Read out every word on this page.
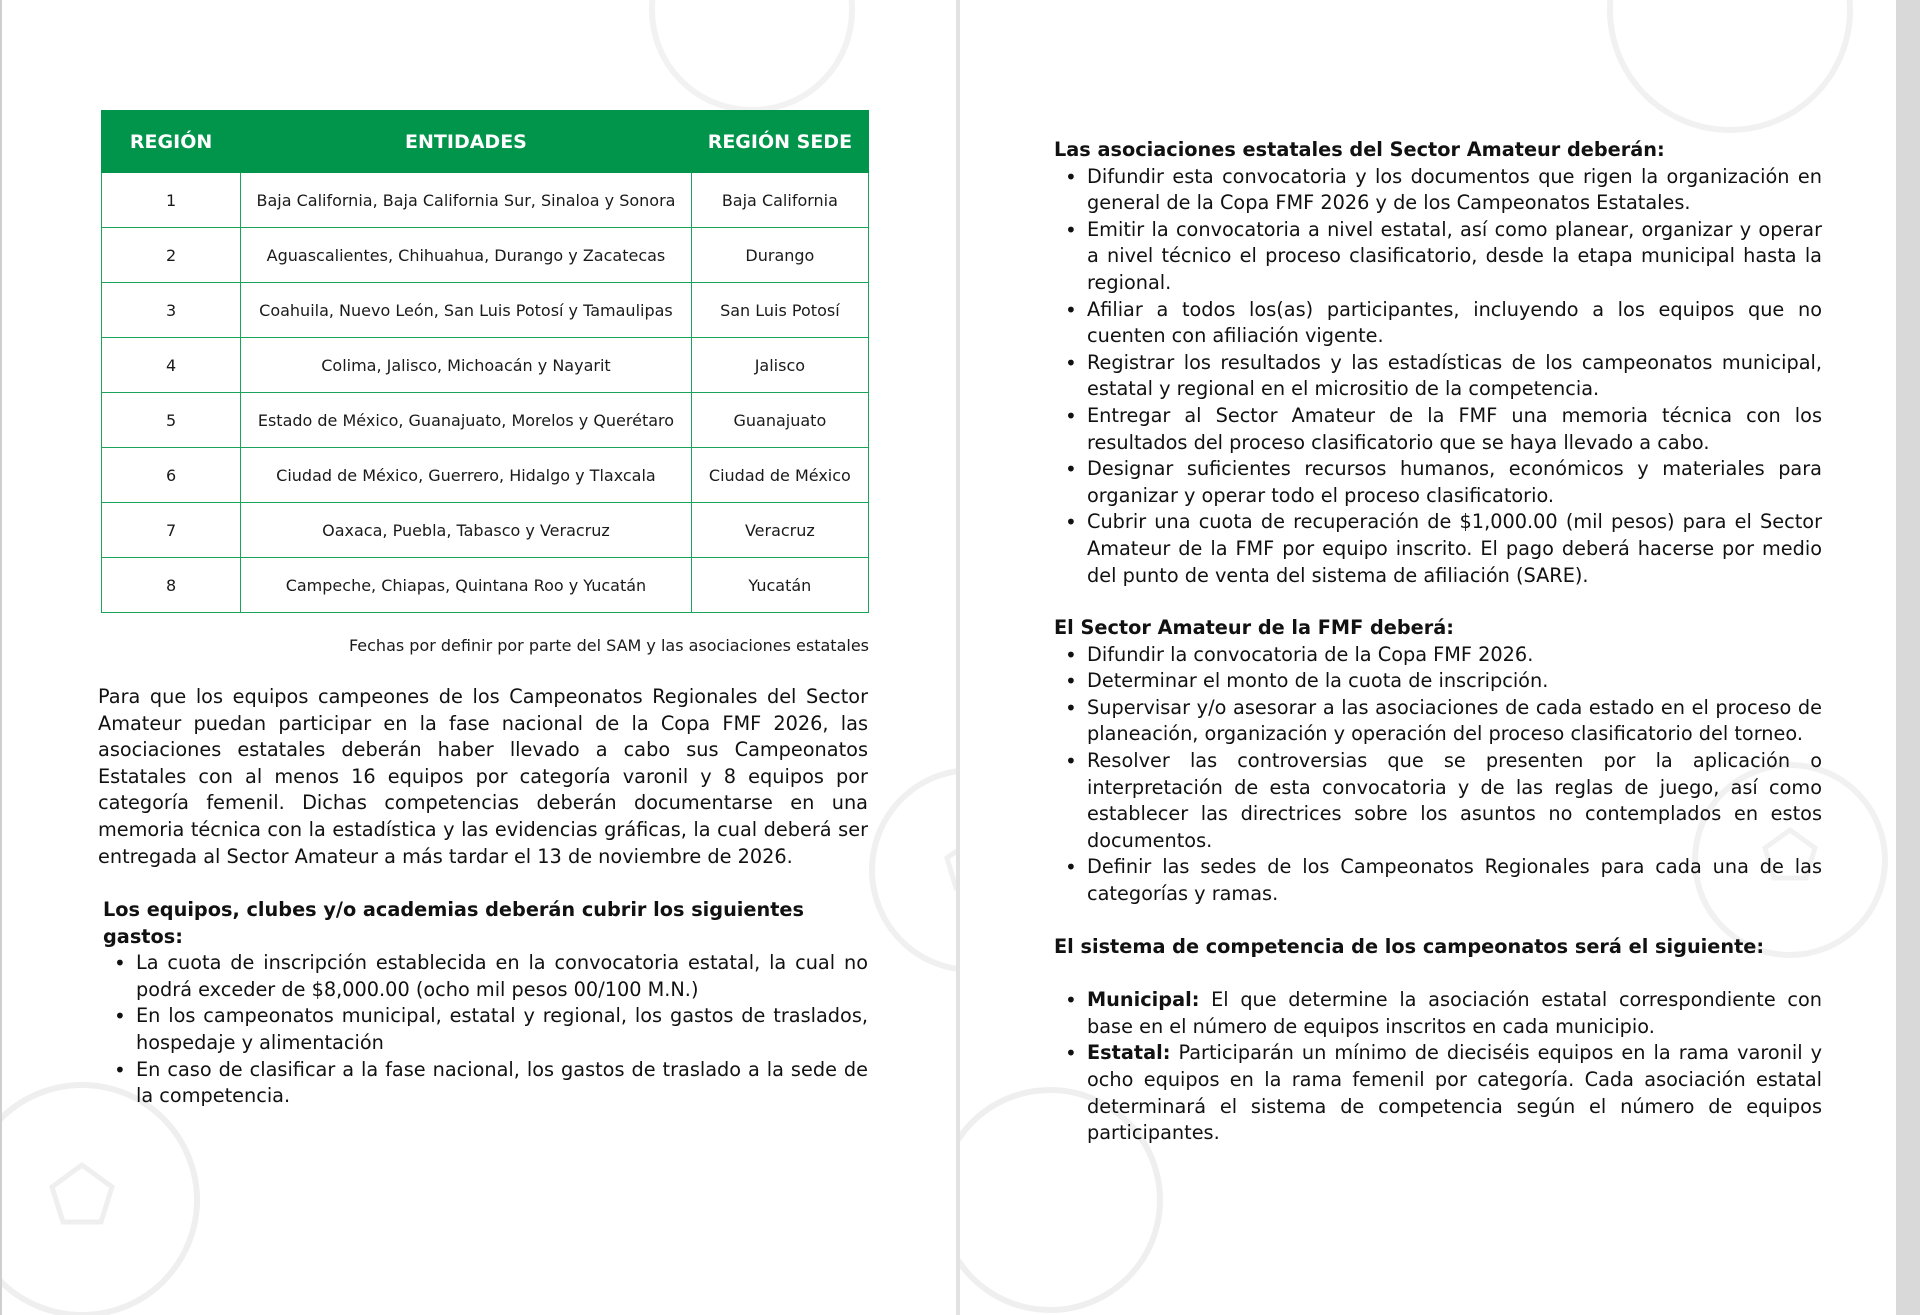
REGIÓN	ENTIDADES	REGIÓN SEDE
1	Baja California, Baja California Sur, Sinaloa y Sonora	Baja California
2	Aguascalientes, Chihuahua, Durango y Zacatecas	Durango
3	Coahuila, Nuevo León, San Luis Potosí y Tamaulipas	San Luis Potosí
4	Colima, Jalisco, Michoacán y Nayarit	Jalisco
5	Estado de México, Guanajuato, Morelos y Querétaro	Guanajuato
6	Ciudad de México, Guerrero, Hidalgo y Tlaxcala	Ciudad de México
7	Oaxaca, Puebla, Tabasco y Veracruz	Veracruz
8	Campeche, Chiapas, Quintana Roo y Yucatán	Yucatán
Fechas por definir por parte del SAM y las asociaciones estatales
Para que los equipos campeones de los Campeonatos Regionales del Sector Amateur puedan participar en la fase nacional de la Copa FMF 2026, las asociaciones estatales deberán haber llevado a cabo sus Campeonatos Estatales con al menos 16 equipos por categoría varonil y 8 equipos por categoría femenil. Dichas competencias deberán documentarse en una memoria técnica con la estadística y las evidencias gráficas, la cual deberá ser entregada al Sector Amateur a más tardar el 13 de noviembre de 2026.
Los equipos, clubes y/o academias deberán cubrir los siguientes gastos:
• La cuota de inscripción establecida en la convocatoria estatal, la cual no podrá exceder de $8,000.00 (ocho mil pesos 00/100 M.N.)
• En los campeonatos municipal, estatal y regional, los gastos de traslados, hospedaje y alimentación
• En caso de clasificar a la fase nacional, los gastos de traslado a la sede de la competencia.
Las asociaciones estatales del Sector Amateur deberán:
• Difundir esta convocatoria y los documentos que rigen la organización en general de la Copa FMF 2026 y de los Campeonatos Estatales.
• Emitir la convocatoria a nivel estatal, así como planear, organizar y operar a nivel técnico el proceso clasificatorio, desde la etapa municipal hasta la regional.
• Afiliar a todos los(as) participantes, incluyendo a los equipos que no cuenten con afiliación vigente.
• Registrar los resultados y las estadísticas de los campeonatos municipal, estatal y regional en el micrositio de la competencia.
• Entregar al Sector Amateur de la FMF una memoria técnica con los resultados del proceso clasificatorio que se haya llevado a cabo.
• Designar suficientes recursos humanos, económicos y materiales para organizar y operar todo el proceso clasificatorio.
• Cubrir una cuota de recuperación de $1,000.00 (mil pesos) para el Sector Amateur de la FMF por equipo inscrito. El pago deberá hacerse por medio del punto de venta del sistema de afiliación (SARE).
El Sector Amateur de la FMF deberá:
• Difundir la convocatoria de la Copa FMF 2026.
• Determinar el monto de la cuota de inscripción.
• Supervisar y/o asesorar a las asociaciones de cada estado en el proceso de planeación, organización y operación del proceso clasificatorio del torneo.
• Resolver las controversias que se presenten por la aplicación o interpretación de esta convocatoria y de las reglas de juego, así como establecer las directrices sobre los asuntos no contemplados en estos documentos.
• Definir las sedes de los Campeonatos Regionales para cada una de las categorías y ramas.
El sistema de competencia de los campeonatos será el siguiente:
• Municipal: El que determine la asociación estatal correspondiente con base en el número de equipos inscritos en cada municipio.
• Estatal: Participarán un mínimo de dieciséis equipos en la rama varonil y ocho equipos en la rama femenil por categoría. Cada asociación estatal determinará el sistema de competencia según el número de equipos participantes.
